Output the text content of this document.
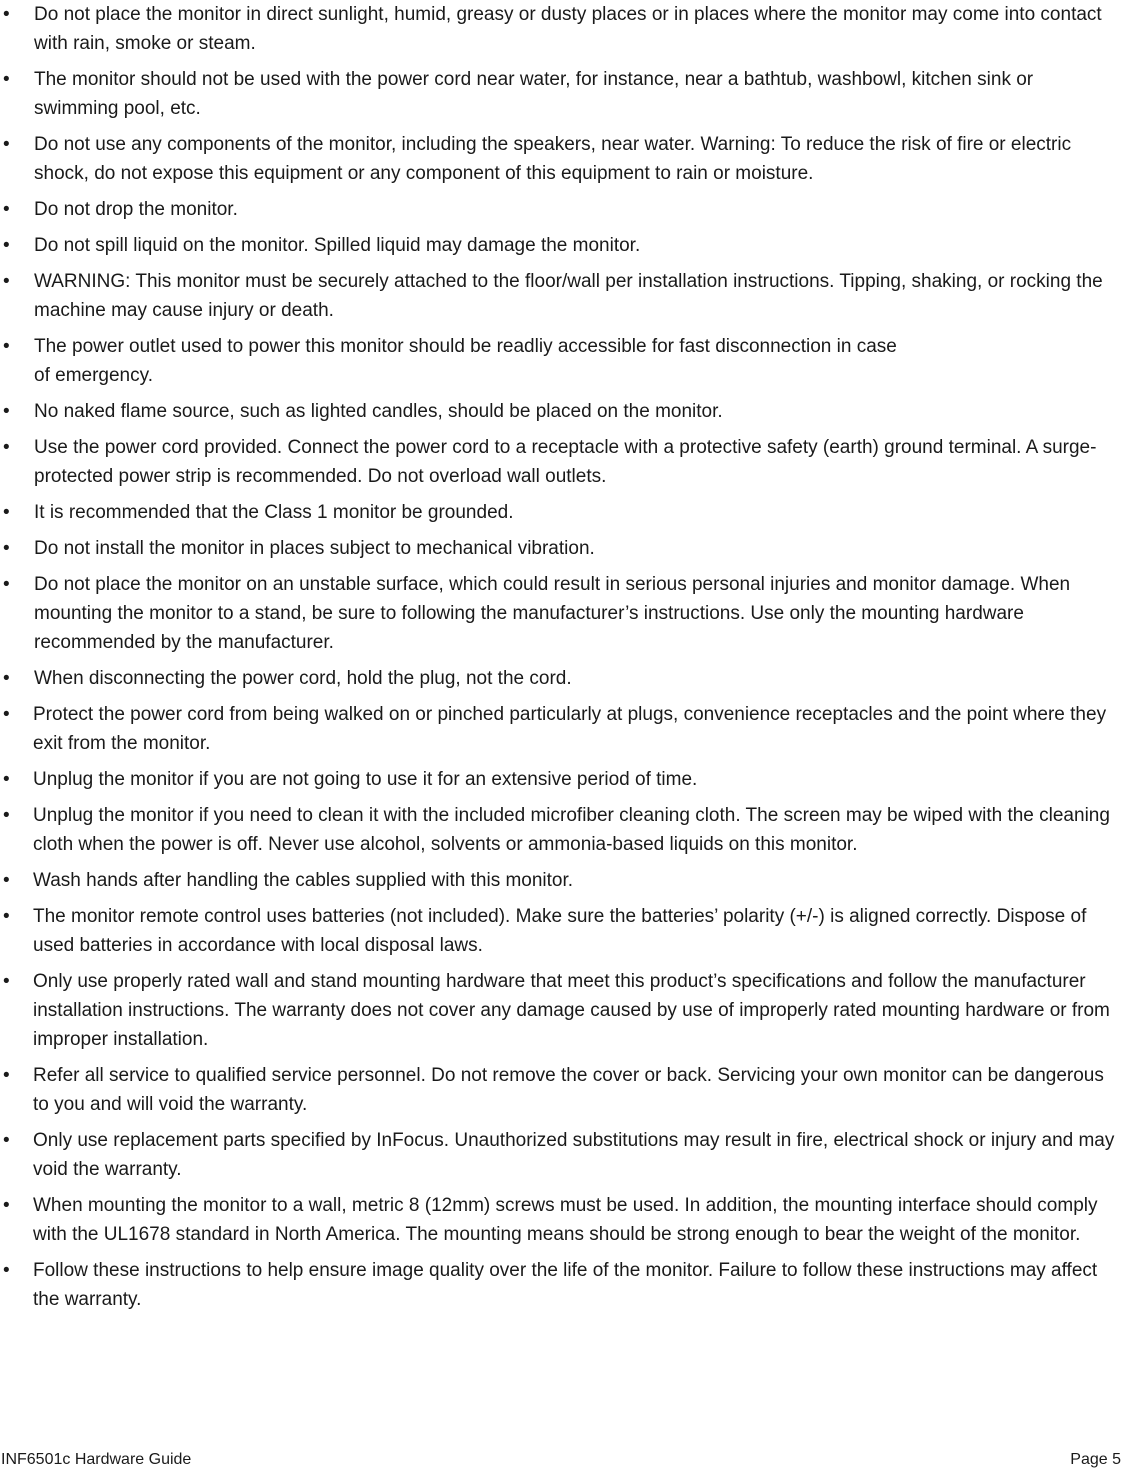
•	Do not place the monitor in direct sunlight, humid, greasy or dusty places or in places where the monitor may come into contact with rain, smoke or steam.
•	The monitor should not be used with the power cord near water, for instance, near a bathtub, washbowl, kitchen sink or swimming pool, etc.
•	Do not use any components of the monitor, including the speakers, near water. Warning: To reduce the risk of fire or electric shock, do not expose this equipment or any component of this equipment to rain or moisture.
•	Do not drop the monitor.
•	Do not spill liquid on the monitor. Spilled liquid may damage the monitor.
•	WARNING: This monitor must be securely attached to the floor/wall per installation instructions. Tipping, shaking, or rocking the machine may cause injury or death.
•	The power outlet used to power this monitor should be readliy accessible for fast disconnection in case
of emergency.
•	No naked flame source, such as lighted candles, should be placed on the monitor.
•	Use the power cord provided. Connect the power cord to a receptacle with a protective safety (earth) ground terminal. A surge-protected power strip is recommended. Do not overload wall outlets.
•	It is recommended that the Class 1 monitor be grounded.
•	Do not install the monitor in places subject to mechanical vibration.
•	Do not place the monitor on an unstable surface, which could result in serious personal injuries and monitor damage. When mounting the monitor to a stand, be sure to following the manufacturer’s instructions. Use only the mounting hardware recommended by the manufacturer.
•	When disconnecting the power cord, hold the plug, not the cord.
•	Protect the power cord from being walked on or pinched particularly at plugs, convenience receptacles and the point where they exit from the monitor.
•	Unplug the monitor if you are not going to use it for an extensive period of time.
•	Unplug the monitor if you need to clean it with the included microfiber cleaning cloth. The screen may be wiped with the cleaning cloth when the power is off. Never use alcohol, solvents or ammonia-based liquids on this monitor.
•	Wash hands after handling the cables supplied with this monitor.
•	The monitor remote control uses batteries (not included). Make sure the batteries’ polarity (+/-) is aligned correctly. Dispose of used batteries in accordance with local disposal laws.
•	Only use properly rated wall and stand mounting hardware that meet this product’s specifications and follow the manufacturer installation instructions. The warranty does not cover any damage caused by use of improperly rated mounting hardware or from improper installation.
•	Refer all service to qualified service personnel. Do not remove the cover or back. Servicing your own monitor can be dangerous to you and will void the warranty.
•	Only use replacement parts specified by InFocus. Unauthorized substitutions may result in fire, electrical shock or injury and may void the warranty.
•	When mounting the monitor to a wall, metric 8 (12mm) screws must be used. In addition, the mounting interface should comply with the UL1678 standard in North America. The mounting means should be strong enough to bear the weight of the monitor.
•	Follow these instructions to help ensure image quality over the life of the monitor. Failure to follow these instructions may affect the warranty.
INF6501c Hardware Guide	Page 5
